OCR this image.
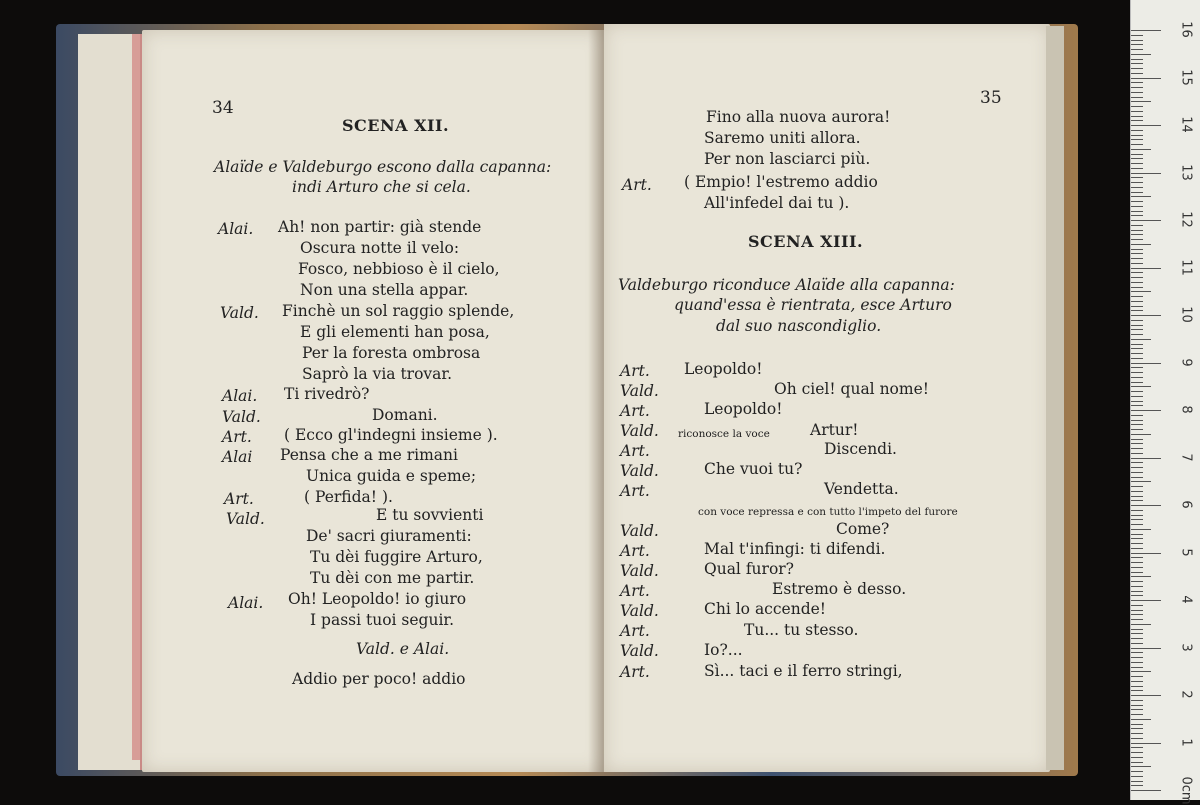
34
SCENA XII.
Alaïde e Valdeburgo escono dalla capanna:
indi Arturo che si cela.
Alai. Ah! non partir: già stende
Oscura notte il velo:
Fosco, nebbioso è il cielo,
Non una stella appar.
Vald. Finchè un sol raggio splende,
E gli elementi han posa,
Per la foresta ombrosa
Saprò la via trovar.
Alai. Ti rivedrò?
Vald.	Domani.
Art. ( Ecco gl'indegni insieme ).
Alai Pensa che a me rimani
Unica guida e speme;
Art.	( Perfida! ).
Vald.	E tu sovvienti
De' sacri giuramenti:
Tu dèi fuggire Arturo,
Tu dèi con me partir.
Alai. Oh! Leopoldo! io giuro
I passi tuoi seguir.
Vald. e Alai.
Addio per poco! addio
35
Fino alla nuova aurora!
Saremo uniti allora.
Per non lasciarci più.
Art. ( Empio! l'estremo addio
All'infedel dai tu ).
SCENA XIII.
Valdeburgo riconduce Alaïde alla capanna:
quand'essa è rientrata, esce Arturo
dal suo nascondiglio.
Art. Leopoldo!
Vald.	Oh ciel! qual nome!
Art.	Leopoldo!
Vald. riconosce la voce	Artur!
Art.	Discendi.
Vald.	Che vuoi tu?
Art.	Vendetta.
con voce repressa e con tutto l'impeto del furore
Vald.	Come?
Art.	Mal t'infingi: ti difendi.
Vald.	Qual furor?
Art.	Estremo è desso.
Vald.	Chi lo accende!
Art.	Tu... tu stesso.
Vald.	Io?...
Art.	Sì... taci e il ferro stringi,
0cm
1
2
3
4
5
6
7
8
9
10
11
12
13
14
15
16
